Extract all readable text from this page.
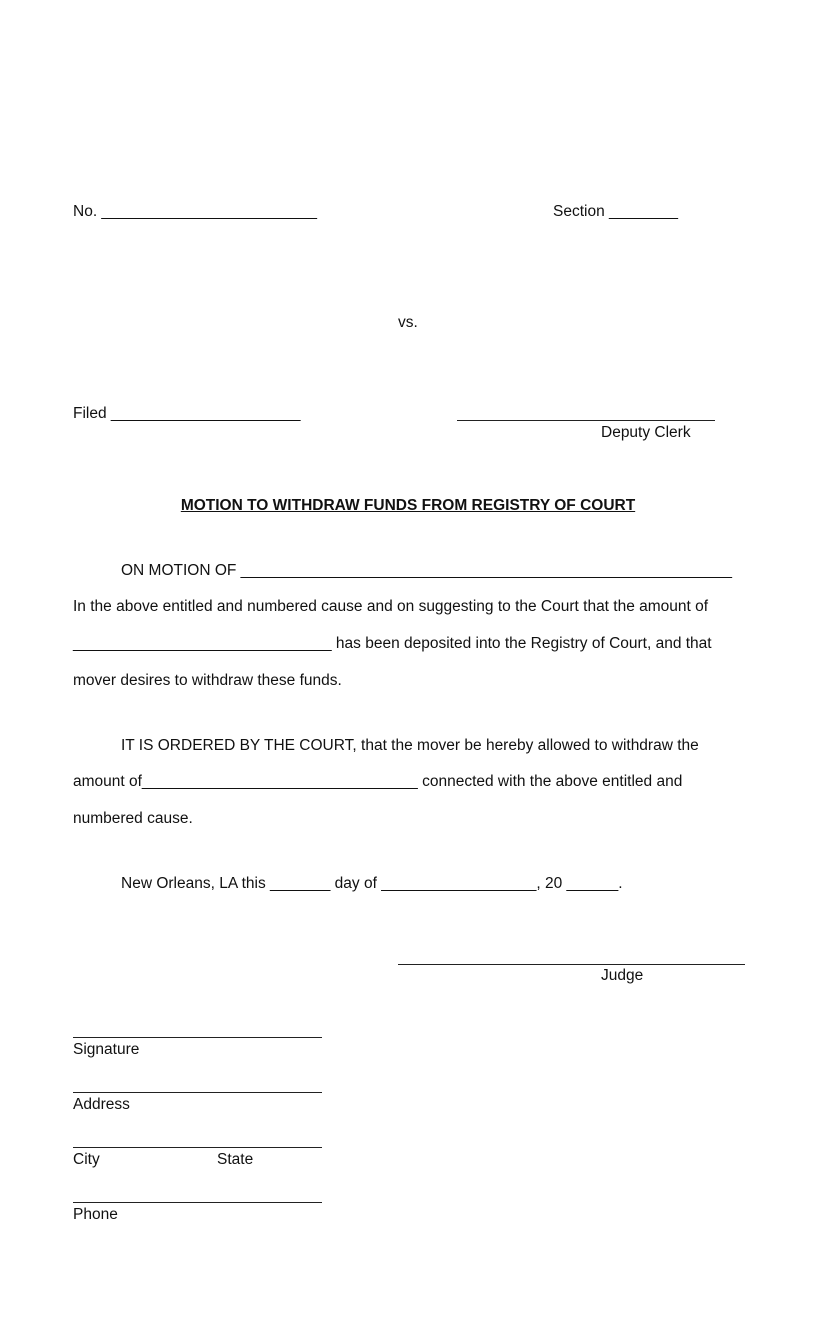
No. _________________________	Section ________
vs.
Filed ______________________
Deputy Clerk
MOTION TO WITHDRAW FUNDS FROM REGISTRY OF COURT
ON MOTION OF _________________________________________________________
In the above entitled and numbered cause and on suggesting to the Court that the amount of
______________________________ has been deposited into the Registry of Court, and that
mover desires to withdraw these funds.
IT IS ORDERED BY THE COURT, that the mover be hereby allowed to withdraw the
amount of________________________________ connected with the above entitled and
numbered cause.
New Orleans, LA this _______ day of __________________, 20 ______.
Judge
Signature
Address
City	State
Phone
